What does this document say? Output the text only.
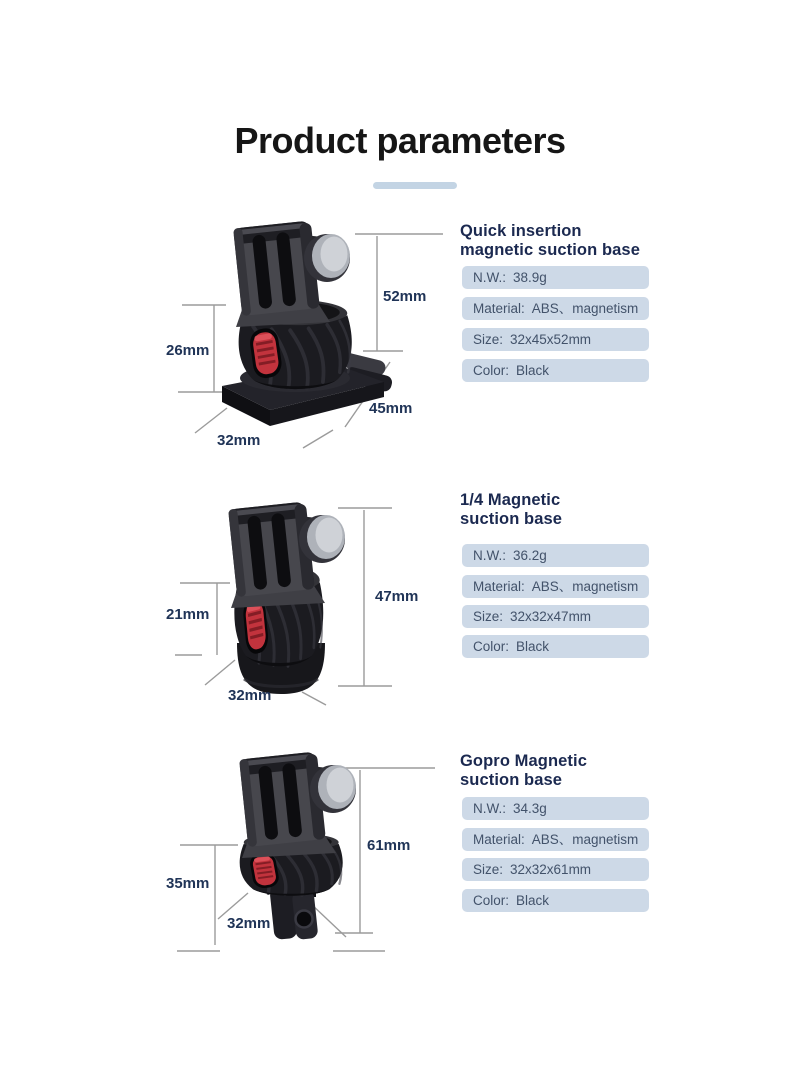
Product parameters
52mm
26mm
45mm
32mm
Quick insertion
magnetic suction base
N.W.: 38.9g
Material: ABS、magnetism
Size: 32x45x52mm
Color: Black
47mm
21mm
32mm
1/4 Magnetic
suction base
N.W.: 36.2g
Material: ABS、magnetism
Size: 32x32x47mm
Color: Black
61mm
35mm
32mm
Gopro Magnetic
suction base
N.W.: 34.3g
Material: ABS、magnetism
Size: 32x32x61mm
Color: Black
